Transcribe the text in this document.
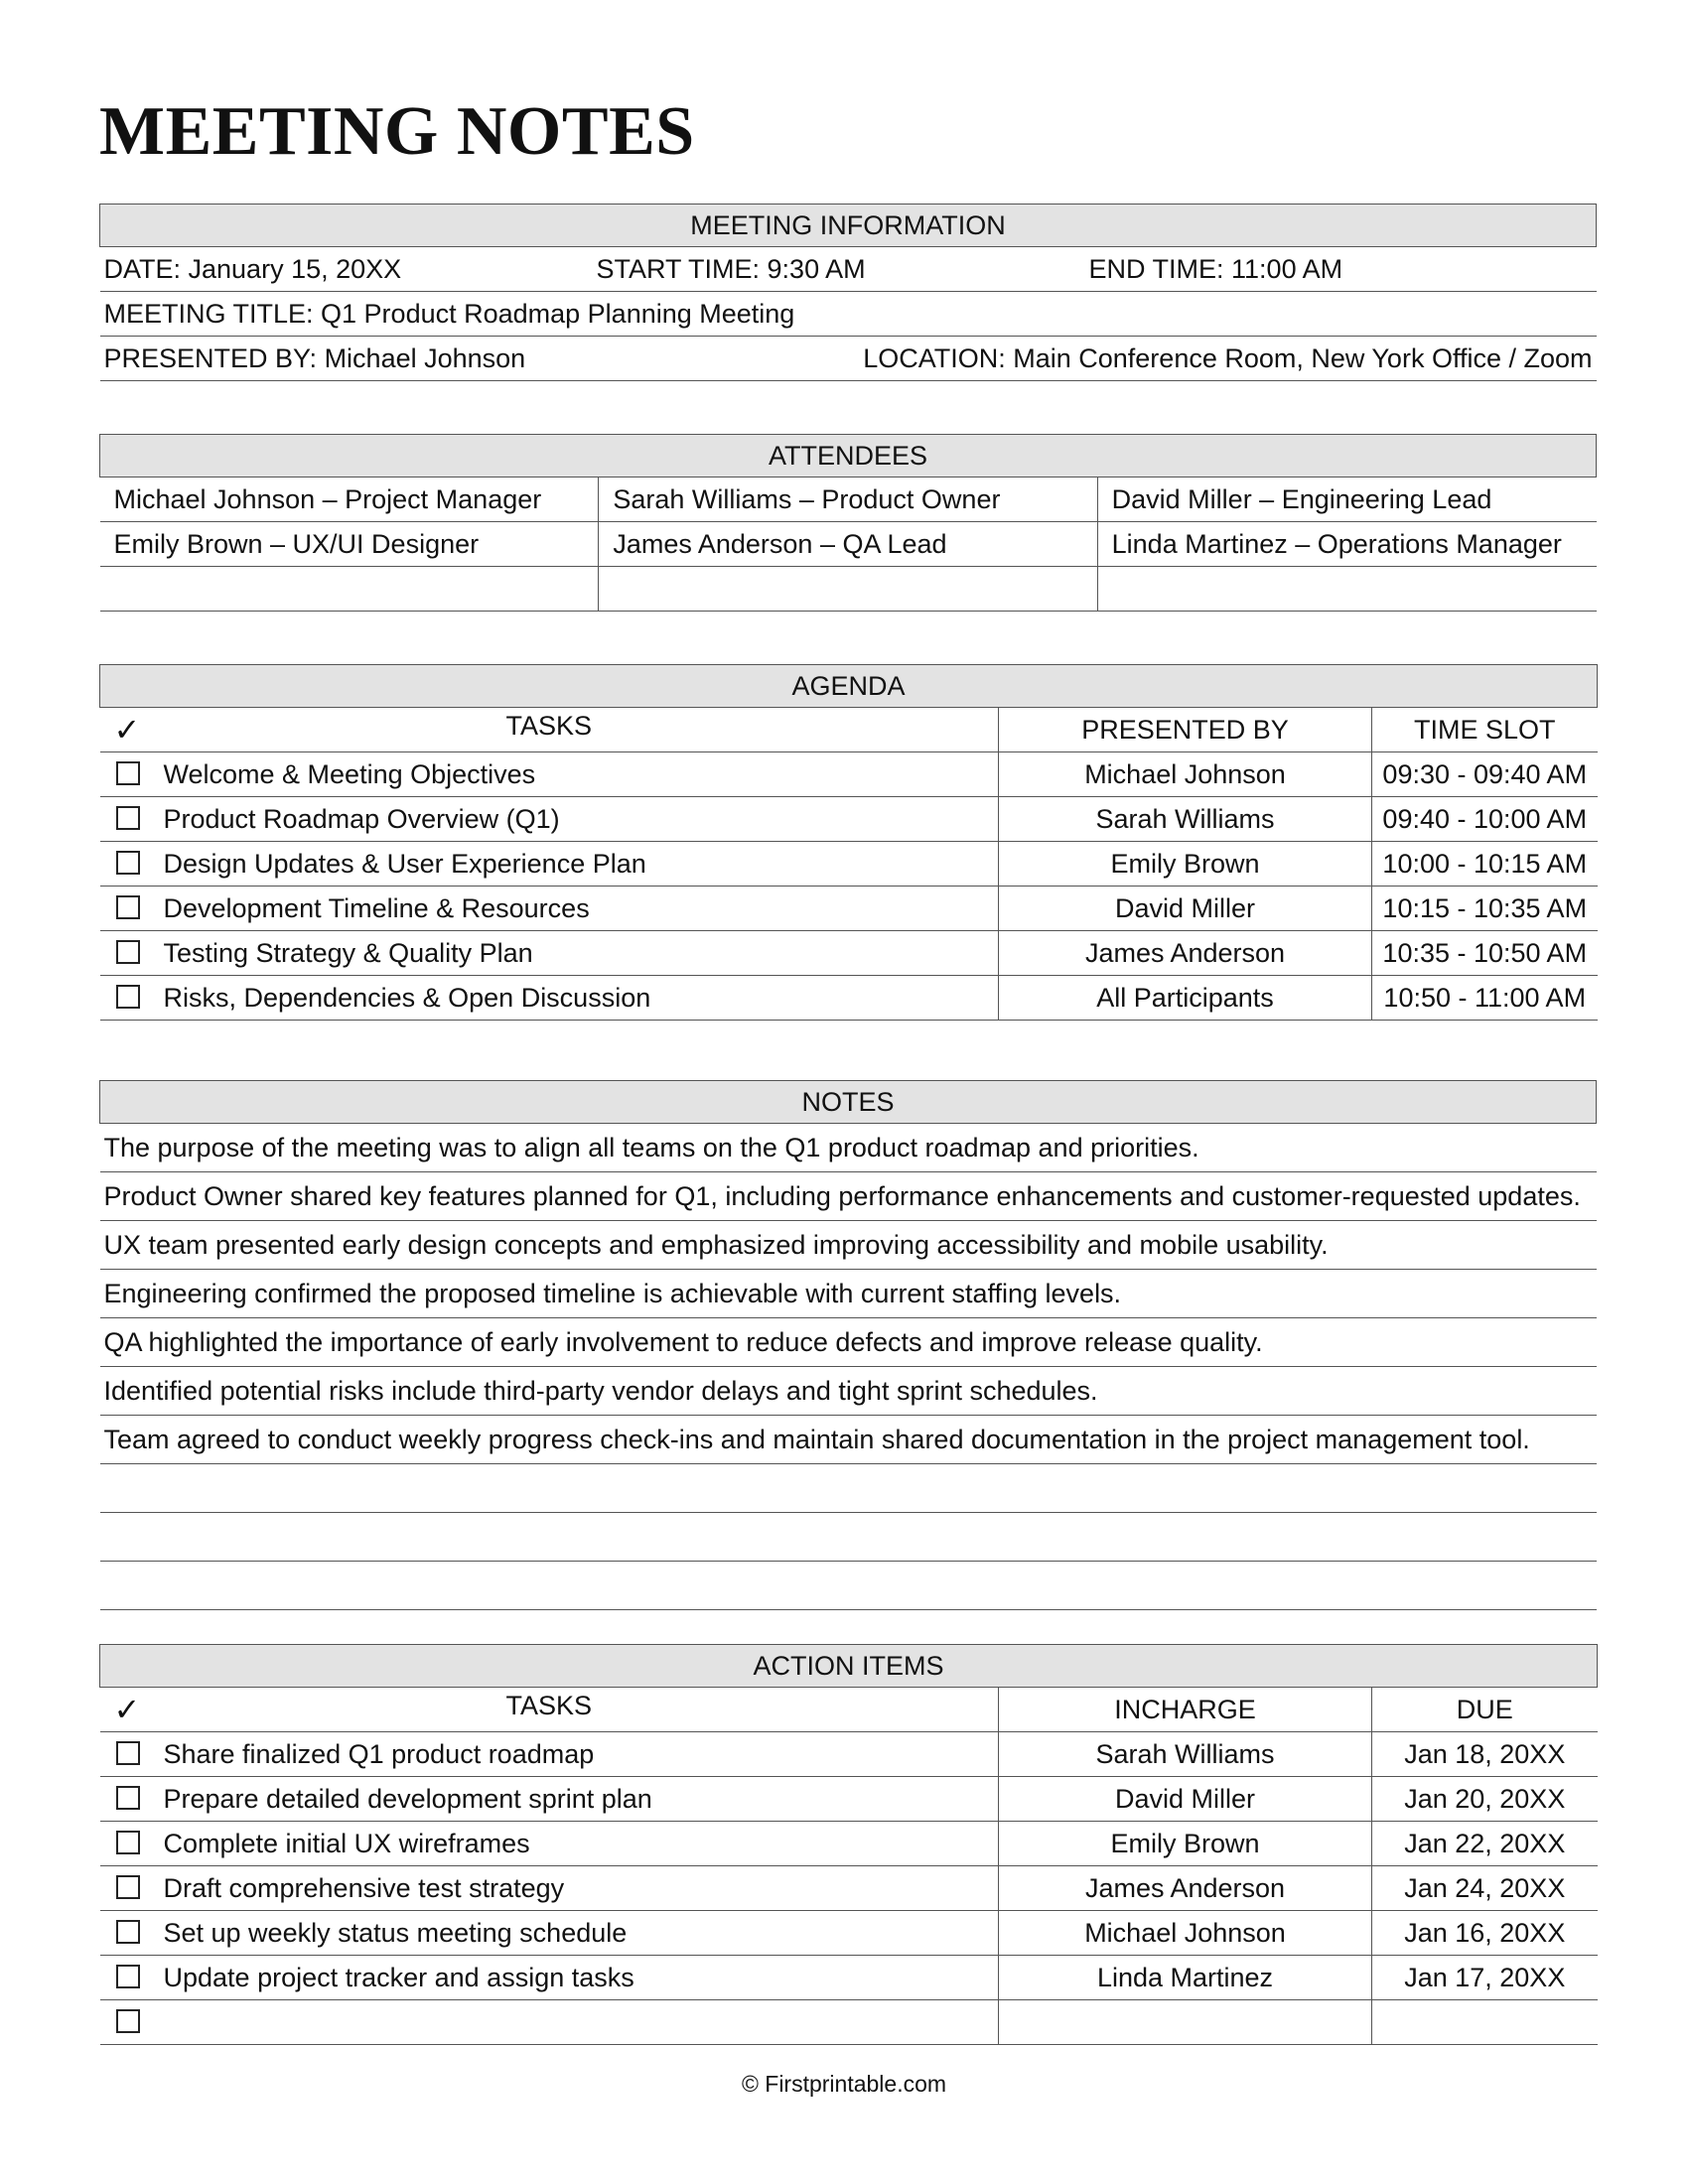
MEETING NOTES
MEETING INFORMATION

DATE: January 15, 20XX	START TIME: 9:30 AM	END TIME: 11:00 AM

MEETING TITLE: Q1 Product Roadmap Planning Meeting

PRESENTED BY: Michael Johnson	LOCATION: Main Conference Room, New York Office / Zoom
ATTENDEES		
Michael Johnson – Project Manager	Sarah Williams – Product Owner	David Miller – Engineering Lead
Emily Brown – UX/UI Designer	James Anderson – QA Lead	Linda Martinez – Operations Manager

AGENDA		
✓ TASKS	PRESENTED BY	TIME SLOT
Welcome & Meeting Objectives	Michael Johnson	09:30 - 09:40 AM
Product Roadmap Overview (Q1)	Sarah Williams	09:40 - 10:00 AM
Design Updates & User Experience Plan	Emily Brown	10:00 - 10:15 AM
Development Timeline & Resources	David Miller	10:15 - 10:35 AM
Testing Strategy & Quality Plan	James Anderson	10:35 - 10:50 AM
Risks, Dependencies & Open Discussion	All Participants	10:50 - 11:00 AM
NOTES
The purpose of the meeting was to align all teams on the Q1 product roadmap and priorities.
Product Owner shared key features planned for Q1, including performance enhancements and customer-requested updates.
UX team presented early design concepts and emphasized improving accessibility and mobile usability.
Engineering confirmed the proposed timeline is achievable with current staffing levels.
QA highlighted the importance of early involvement to reduce defects and improve release quality.
Identified potential risks include third-party vendor delays and tight sprint schedules.
Team agreed to conduct weekly progress check-ins and maintain shared documentation in the project management tool.

ACTION ITEMS		
✓ TASKS	INCHARGE	DUE
Share finalized Q1 product roadmap	Sarah Williams	Jan 18, 20XX
Prepare detailed development sprint plan	David Miller	Jan 20, 20XX
Complete initial UX wireframes	Emily Brown	Jan 22, 20XX
Draft comprehensive test strategy	James Anderson	Jan 24, 20XX
Set up weekly status meeting schedule	Michael Johnson	Jan 16, 20XX
Update project tracker and assign tasks	Linda Martinez	Jan 17, 20XX

© Firstprintable.com
